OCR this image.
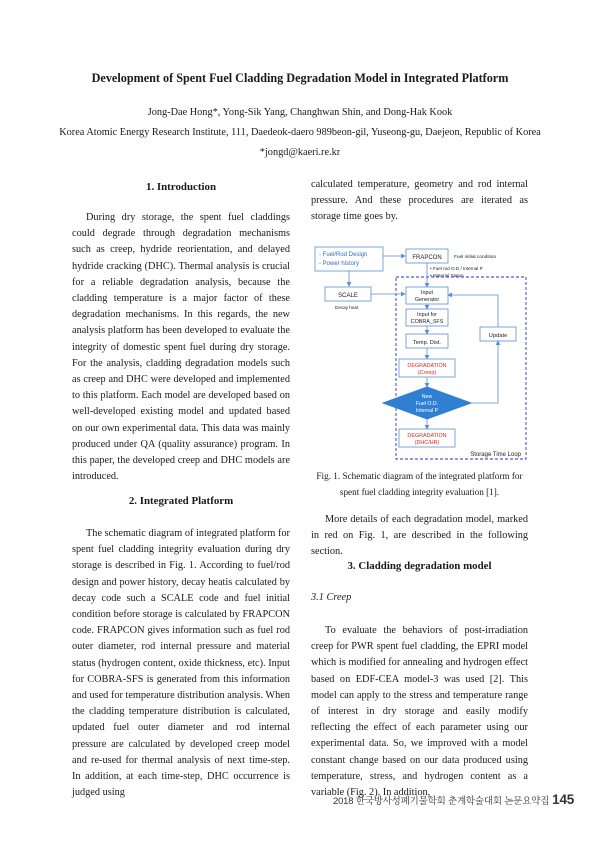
Development of Spent Fuel Cladding Degradation Model in Integrated Platform
Jong-Dae Hong*, Yong-Sik Yang, Changhwan Shin, and Dong-Hak Kook
Korea Atomic Energy Research Institute, 111, Daedeok-daero 989beon-gil, Yuseong-gu, Daejeon, Republic of Korea
*jongd@kaeri.re.kr
1. Introduction

During dry storage, the spent fuel claddings could degrade through degradation mechanisms such as creep, hydride reorientation, and delayed hydride cracking (DHC). Thermal analysis is crucial for a reliable degradation analysis, because the cladding temperature is a major factor of these degradation mechanisms. In this regards, the new analysis platform has been developed to evaluate the integrity of domestic spent fuel during dry storage. For the analysis, cladding degradation models such as creep and DHC were developed and implemented to this platform. Each model are developed based on well-developed existing model and updated based on our own experimental data. This data was mainly produced under QA (quality assurance) program. In this paper, the developed creep and DHC models are introduced.

2. Integrated Platform

The schematic diagram of integrated platform for spent fuel cladding integrity evaluation during dry storage is described in Fig. 1. According to fuel/rod design and power history, decay heatis calculated by decay code such a SCALE code and fuel initial condition before storage is calculated by FRAPCON code. FRAPCON gives information such as fuel rod outer diameter, rod internal pressure and material status (hydrogen content, oxide thickness, etc). Input for COBRA-SFS is generated from this information and used for temperature distribution analysis. When the cladding temperature distribution is calculated, updated fuel outer diameter and rod internal pressure are calculated by developed creep model and re-used for thermal analysis of next time-step. In addition, at each time-step, DHC occurrence is judged using

calculated temperature, geometry and rod internal pressure. And these procedures are iterated as storage time goes by.

- Fuel/Rod Design
- Power history
FRAPCON	Fuel initial condition
• Fuel rod O.D / Internal P
• Material Status
SCALE
Decay heat
Input
Generator
Input for
COBRA_SFS
Temp. Dist.
Update
DEGRADATION
(Creep)
New
Fuel O.D.
Internal P
DEGRADATION
(DHC/HR)
Storage Time Loop
Fig. 1. Schematic diagram of the integrated platform for spent fuel cladding integrity evaluation [1].

More details of each degradation model, marked in red on Fig. 1, are described in the following section.

3. Cladding degradation model
3.1 Creep

To evaluate the behaviors of post-irradiation creep for PWR spent fuel cladding, the EPRI model which is modified for annealing and hydrogen effect based on EDF-CEA model-3 was used [2]. This model can apply to the stress and temperature range of interest in dry storage and easily modify reflecting the effect of each parameter using our experimental data. So, we improved with a model constant change based on our data produced using temperature, stress, and hydrogen content as a variable (Fig. 2). In addition,

2018 한국방사성폐기물학회 춘계학술대회 논문요약집 145
